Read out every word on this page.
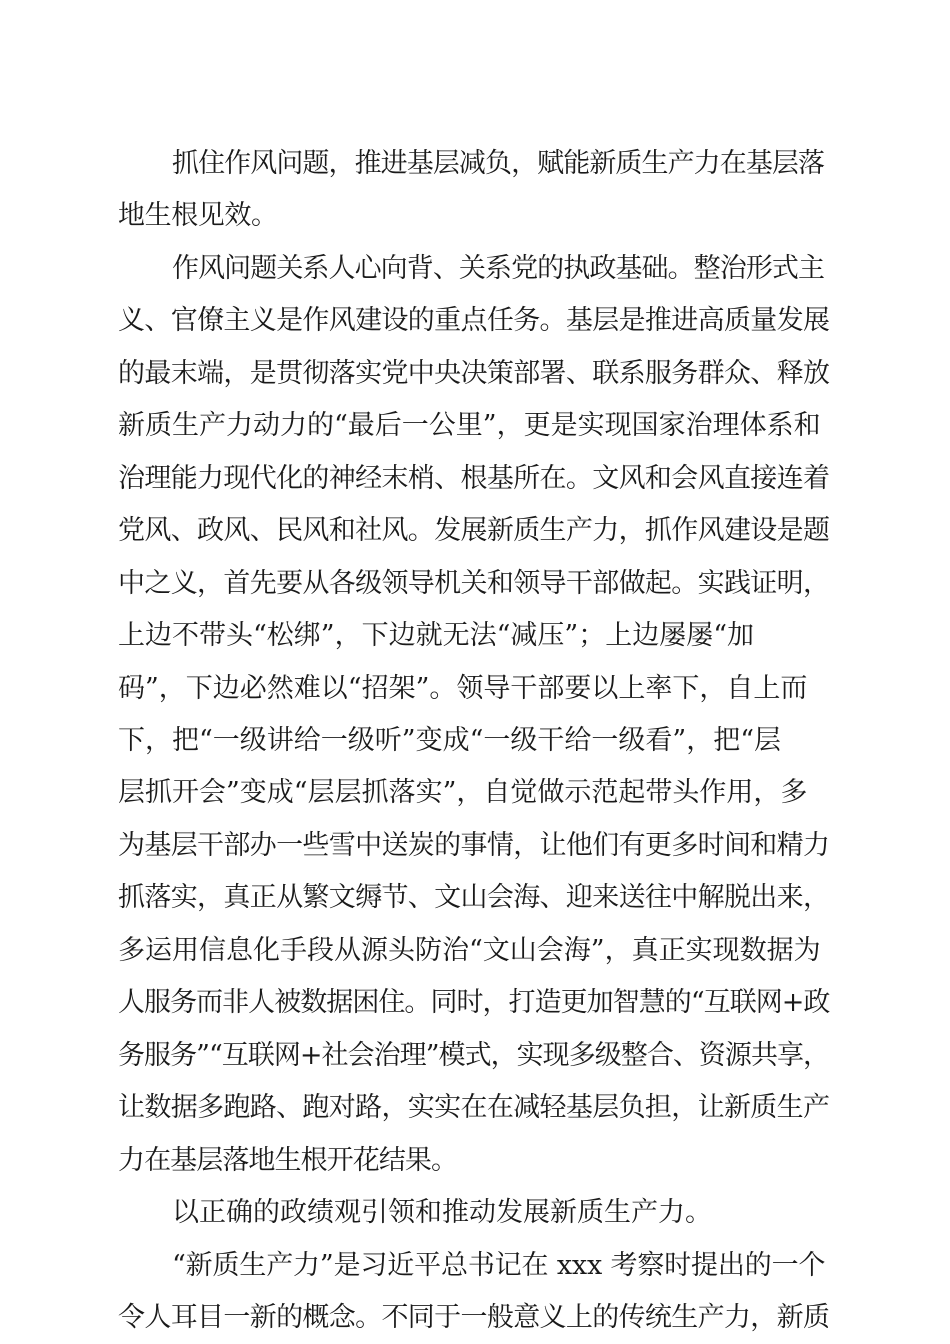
抓住作风问题，推进基层减负，赋能新质生产力在基层落
地生根见效。
作风问题关系人心向背、关系党的执政基础。整治形式主
义、官僚主义是作风建设的重点任务。基层是推进高质量发展
的最末端，是贯彻落实党中央决策部署、联系服务群众、释放
新质生产力动力的“最后一公里”，更是实现国家治理体系和
治理能力现代化的神经末梢、根基所在。文风和会风直接连着
党风、政风、民风和社风。发展新质生产力，抓作风建设是题
中之义，首先要从各级领导机关和领导干部做起。实践证明，
上边不带头“松绑”，下边就无法“减压”；上边屡屡“加
码”，下边必然难以“招架”。领导干部要以上率下，自上而
下，把“一级讲给一级听”变成“一级干给一级看”，把“层
层抓开会”变成“层层抓落实”，自觉做示范起带头作用，多
为基层干部办一些雪中送炭的事情，让他们有更多时间和精力
抓落实，真正从繁文缛节、文山会海、迎来送往中解脱出来，
多运用信息化手段从源头防治“文山会海”，真正实现数据为
人服务而非人被数据困住。同时，打造更加智慧的“互联网+政
务服务”“互联网+社会治理”模式，实现多级整合、资源共享，
让数据多跑路、跑对路，实实在在减轻基层负担，让新质生产
力在基层落地生根开花结果。
以正确的政绩观引领和推动发展新质生产力。
“新质生产力”是习近平总书记在 xxx 考察时提出的一个
令人耳目一新的概念。不同于一般意义上的传统生产力，新质
